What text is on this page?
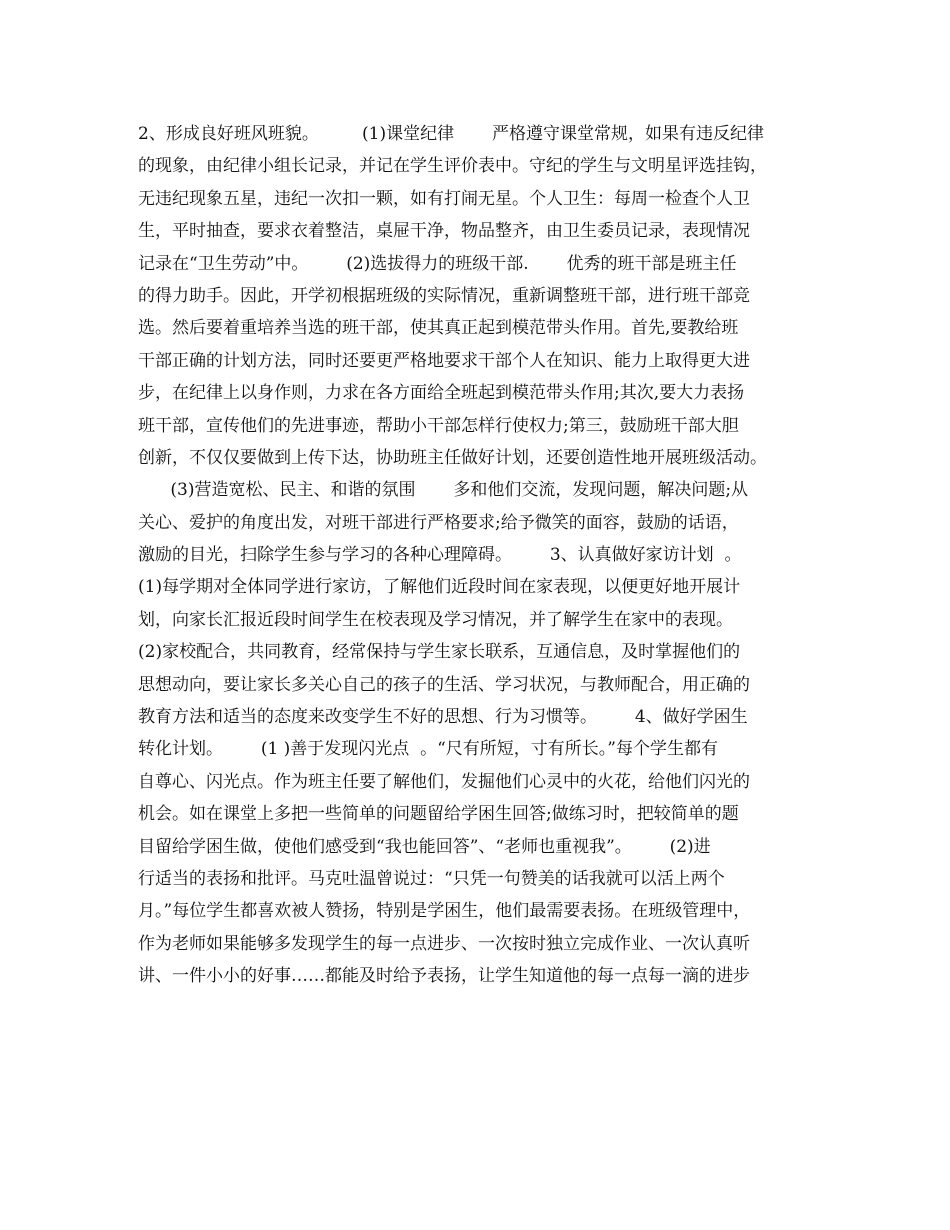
2、形成良好班风班貌。        (1)课堂纪律       严格遵守课堂常规，如果有违反纪律
的现象，由纪律小组长记录，并记在学生评价表中。守纪的学生与文明星评选挂钩，
无违纪现象五星，违纪一次扣一颗，如有打闹无星。个人卫生：每周一检查个人卫
生，平时抽查，要求衣着整洁，桌屉干净，物品整齐，由卫生委员记录，表现情况
记录在“卫生劳动”中。       (2)选拔得力的班级干部.       优秀的班干部是班主任
的得力助手。因此，开学初根据班级的实际情况，重新调整班干部，进行班干部竞
选。然后要着重培养当选的班干部，使其真正起到模范带头作用。首先,要教给班
干部正确的计划方法，同时还要更严格地要求干部个人在知识、能力上取得更大进
步，在纪律上以身作则，力求在各方面给全班起到模范带头作用;其次,要大力表扬
班干部，宣传他们的先进事迹，帮助小干部怎样行使权力;第三，鼓励班干部大胆
创新，不仅仅要做到上传下达，协助班主任做好计划，还要创造性地开展班级活动。
(3)营造宽松、民主、和谐的氛围       多和他们交流，发现问题，解决问题;从
关心、爱护的角度出发，对班干部进行严格要求;给予微笑的面容，鼓励的话语，
激励的目光，扫除学生参与学习的各种心理障碍。       3、认真做好家访计划  。
(1)每学期对全体同学进行家访，了解他们近段时间在家表现，以便更好地开展计
划，向家长汇报近段时间学生在校表现及学习情况，并了解学生在家中的表现。
(2)家校配合，共同教育，经常保持与学生家长联系，互通信息，及时掌握他们的
思想动向，要让家长多关心自己的孩子的生活、学习状况，与教师配合，用正确的
教育方法和适当的态度来改变学生不好的思想、行为习惯等。       4、做好学困生
转化计划。       (1 )善于发现闪光点  。“尺有所短，寸有所长。”每个学生都有
自尊心、闪光点。作为班主任要了解他们，发掘他们心灵中的火花，给他们闪光的
机会。如在课堂上多把一些简单的问题留给学困生回答;做练习时，把较简单的题
目留给学困生做，使他们感受到“我也能回答”、“老师也重视我”。       (2)进
行适当的表扬和批评。马克吐温曾说过：“只凭一句赞美的话我就可以活上两个
月。”每位学生都喜欢被人赞扬，特别是学困生，他们最需要表扬。在班级管理中，
作为老师如果能够多发现学生的每一点进步、一次按时独立完成作业、一次认真听
讲、一件小小的好事……都能及时给予表扬，让学生知道他的每一点每一滴的进步
